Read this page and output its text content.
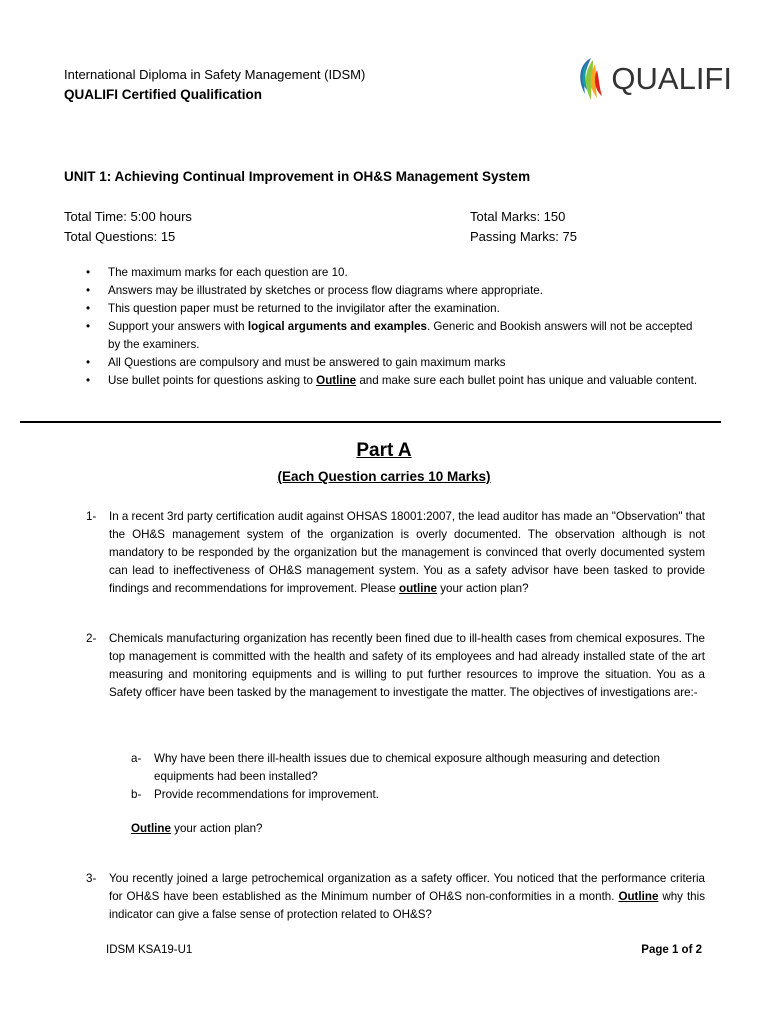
International Diploma in Safety Management (IDSM)
QUALIFI Certified Qualification	QUALIFI
UNIT 1: Achieving Continual Improvement in OH&S Management System
Total Time: 5:00 hours
Total Questions: 15
Total Marks: 150
Passing Marks: 75
• The maximum marks for each question are 10.
• Answers may be illustrated by sketches or process flow diagrams where appropriate.
• This question paper must be returned to the invigilator after the examination.
• Support your answers with logical arguments and examples. Generic and Bookish answers will not be accepted by the examiners.
• All Questions are compulsory and must be answered to gain maximum marks
• Use bullet points for questions asking to Outline and make sure each bullet point has unique and valuable content.
Part A
(Each Question carries 10 Marks)
1- In a recent 3rd party certification audit against OHSAS 18001:2007, the lead auditor has made an "Observation" that the OH&S management system of the organization is overly documented. The observation although is not mandatory to be responded by the organization but the management is convinced that overly documented system can lead to ineffectiveness of OH&S management system. You as a safety advisor have been tasked to provide findings and recommendations for improvement. Please outline your action plan?
2- Chemicals manufacturing organization has recently been fined due to ill-health cases from chemical exposures. The top management is committed with the health and safety of its employees and had already installed state of the art measuring and monitoring equipments and is willing to put further resources to improve the situation. You as a Safety officer have been tasked by the management to investigate the matter. The objectives of investigations are:-
a- Why have been there ill-health issues due to chemical exposure although measuring and detection equipments had been installed?
b- Provide recommendations for improvement.
Outline your action plan?
3- You recently joined a large petrochemical organization as a safety officer. You noticed that the performance criteria for OH&S have been established as the Minimum number of OH&S non-conformities in a month. Outline why this indicator can give a false sense of protection related to OH&S?
IDSM KSA19-U1	Page 1 of 2
